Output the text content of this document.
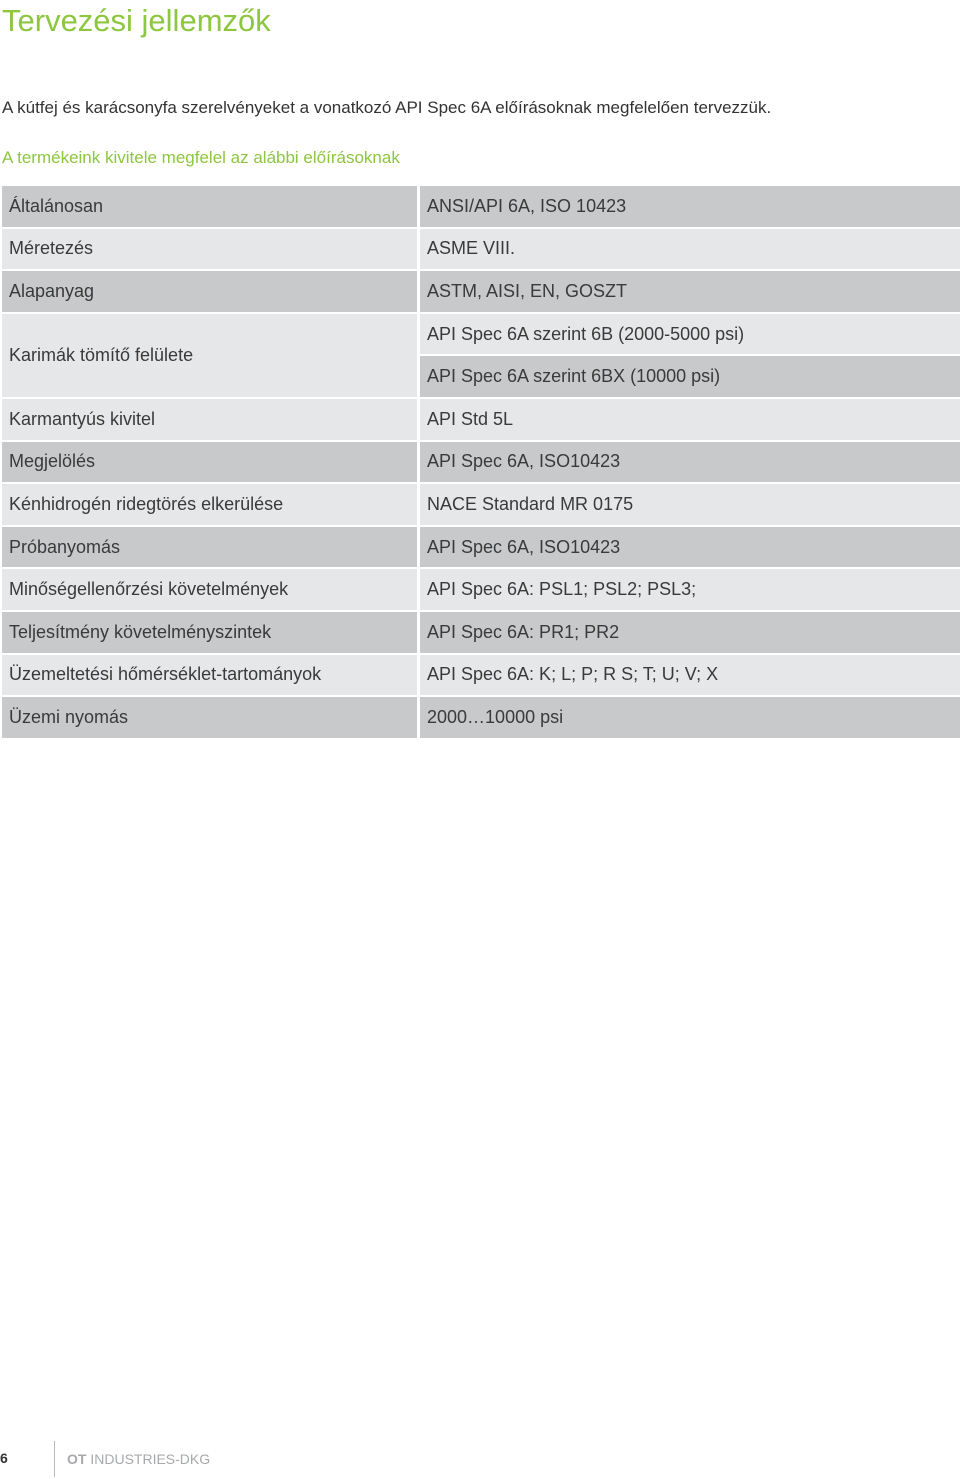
Tervezési jellemzők

A kútfej és karácsonyfa szerelvényeket a vonatkozó API Spec 6A előírásoknak megfelelően tervezzük.

A termékeink kivitele megfelel az alábbi előírásoknak

Általánosan	ANSI/API 6A, ISO 10423
Méretezés	ASME VIII.
Alapanyag	ASTM, AISI, EN, GOSZT
Karimák tömítő felülete	API Spec 6A szerint 6B (2000-5000 psi)
	API Spec 6A szerint 6BX (10000 psi)
Karmantyús kivitel	API Std 5L
Megjelölés	API Spec 6A, ISO10423
Kénhidrogén ridegtörés elkerülése	NACE Standard MR 0175
Próbanyomás	API Spec 6A, ISO10423
Minőségellenőrzési követelmények	API Spec 6A: PSL1; PSL2; PSL3;
Teljesítmény követelményszintek	API Spec 6A: PR1; PR2
Üzemeltetési hőmérséklet-tartományok	API Spec 6A: K; L; P; R S; T; U; V; X
Üzemi nyomás	2000…10000 psi
6	OT INDUSTRIES-DKG
